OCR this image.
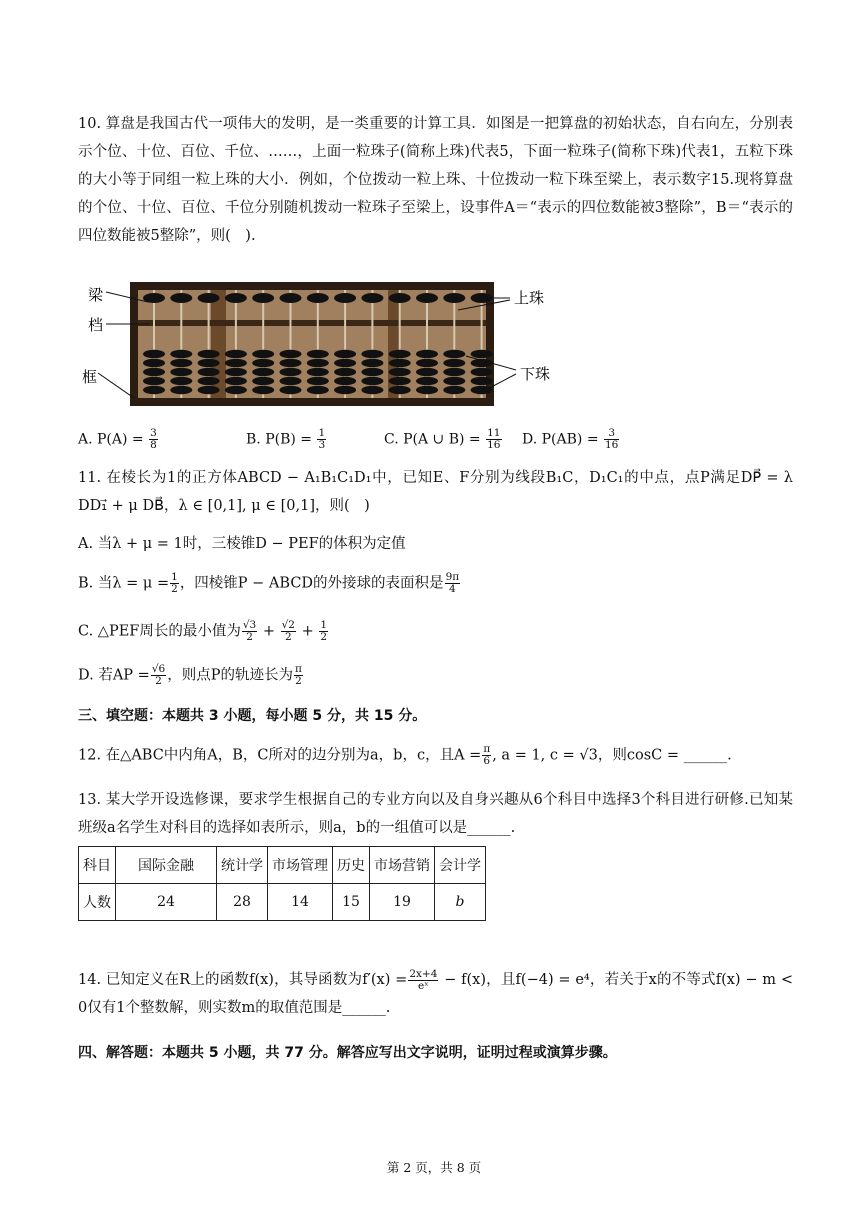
10. 算盘是我国古代一项伟大的发明，是一类重要的计算工具．如图是一把算盘的初始状态，自右向左，分别表示个位、十位、百位、千位、……，上面一粒珠子(简称上珠)代表5，下面一粒珠子(简称下珠)代表1，五粒下珠的大小等于同组一粒上珠的大小．例如，个位拨动一粒上珠、十位拨动一粒下珠至梁上，表示数字15.现将算盘的个位、十位、百位、千位分别随机拨动一粒珠子至梁上，设事件A＝“表示的四位数能被3整除”，B＝“表示的四位数能被5整除”，则(　).
梁
档
框
上珠
下珠
A. $P(A) = \frac{3}{8}$	B. $P(B) = \frac{1}{3}$	C. P(A ∪ $B) = \frac{11}{16} D$. $P(AB) = \frac{3}{16}$
11. 在棱长为1的正方体ABCD − A₁B₁C₁D₁中，已知E、F分别为线段B₁C，D₁C₁的中点，点P满足DP⃗ = λ DD₁⃗ + μ DB⃗，λ ∈ [0,1], μ ∈ [0,1]，则(　)
A. 当λ + μ = 1时，三棱锥D − PEF的体积为定值
B. 当$\lambda = \mu = \frac{1}{2}$ ，四棱锥P − ABCD的外接球的表面积是 $\frac{9\pi}{4}$
C. △PEF周长的最小值为 $\frac{√3}{2} + \frac{√2}{2} + \frac{1}{2}$
D. 若AP = $\frac{√6}{2}$ ，则点P的轨迹长为 $\frac{\pi}{2}$
三、填空题：本题共 3 小题，每小题 5 分，共 15 分。
12. 在△ABC中内角A，B，C所对的边分别为a，b，c，且$A = \frac{\pi}{6}$ , a = 1, c = √3，则cosC = ______.
13. 某大学开设选修课，要求学生根据自己的专业方向以及自身兴趣从6个科目中选择3个科目进行研修.已知某班级a名学生对科目的选择如表所示，则a，b的一组值可以是______.
科目	国际金融	统计学	市场管理	历史	市场营销	会计学
人数	24	28	14	15	19	b
14. 已知定义在R上的函数f(x)，其导函数为$f'(x) = \frac{2x+4}{\text{eˣ}} - f(x)$，且f(−4) = e⁴，若关于x的不等式f(x) − m < 0仅有1个整数解，则实数m的取值范围是______.
四、解答题：本题共 5 小题，共 77 分。解答应写出文字说明，证明过程或演算步骤。
第 2 页，共 8 页
